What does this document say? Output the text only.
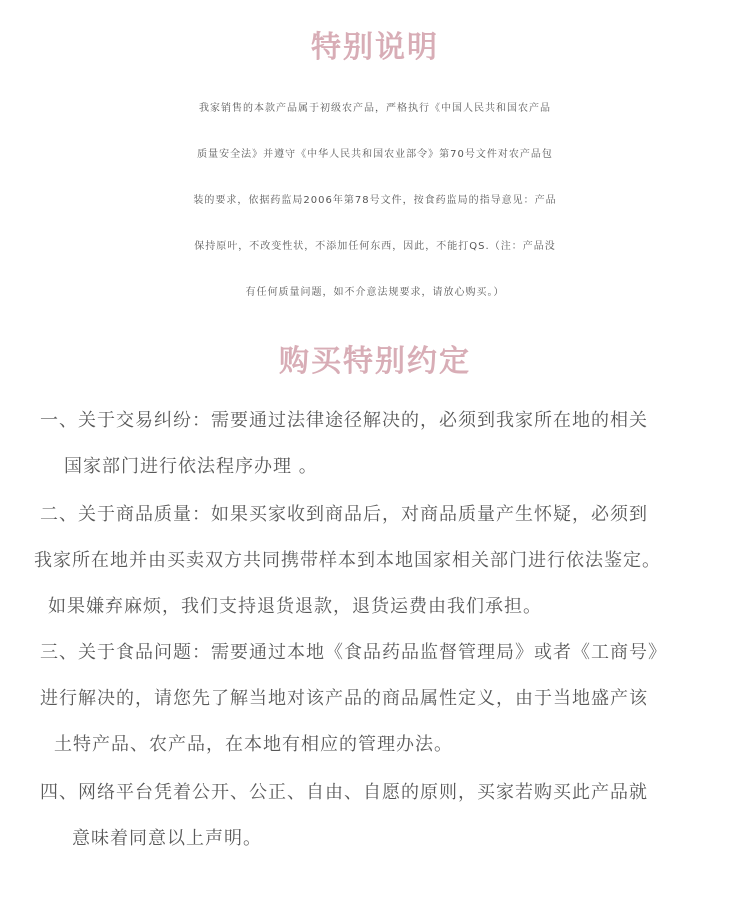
特别说明
我家销售的本款产品属于初级农产品，严格执行《中国人民共和国农产品
质量安全法》并遵守《中华人民共和国农业部令》第70号文件对农产品包
装的要求，依据药监局2006年第78号文件，按食药监局的指导意见：产品
保持原叶，不改变性状，不添加任何东西，因此，不能打QS.（注：产品没
有任何质量问题，如不介意法规要求，请放心购买。）
购买特别约定
一、关于交易纠纷：需要通过法律途径解决的，必须到我家所在地的相关
国家部门进行依法程序办理 。
二、关于商品质量：如果买家收到商品后，对商品质量产生怀疑，必须到
我家所在地并由买卖双方共同携带样本到本地国家相关部门进行依法鉴定。
如果嫌弃麻烦，我们支持退货退款，退货运费由我们承担。
三、关于食品问题：需要通过本地《食品药品监督管理局》或者《工商号》
进行解决的，请您先了解当地对该产品的商品属性定义，由于当地盛产该
土特产品、农产品，在本地有相应的管理办法。
四、网络平台凭着公开、公正、自由、自愿的原则，买家若购买此产品就
意味着同意以上声明。
